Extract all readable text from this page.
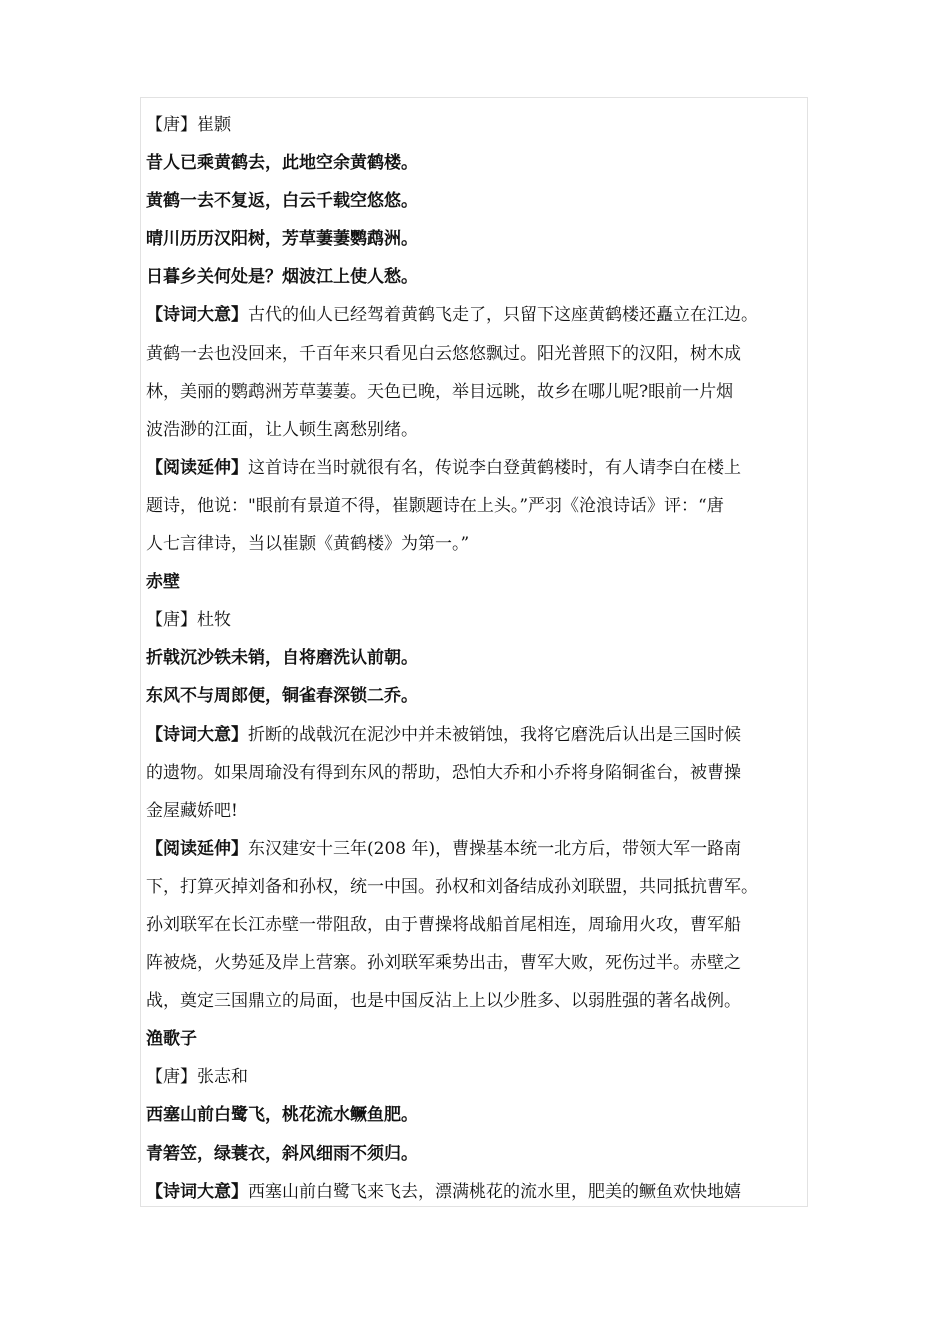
【唐】崔颢
昔人已乘黄鹤去，此地空余黄鹤楼。
黄鹤一去不复返，白云千载空悠悠。
晴川历历汉阳树，芳草萋萋鹦鹉洲。
日暮乡关何处是？烟波江上使人愁。
【诗词大意】古代的仙人已经驾着黄鹤飞走了，只留下这座黄鹤楼还矗立在江边。
黄鹤一去也没回来，千百年来只看见白云悠悠飘过。阳光普照下的汉阳，树木成
林，美丽的鹦鹉洲芳草萋萋。天色已晚，举目远眺，故乡在哪儿呢?眼前一片烟
波浩渺的江面，让人顿生离愁别绪。
【阅读延伸】这首诗在当时就很有名，传说李白登黄鹤楼时，有人请李白在楼上
题诗，他说："眼前有景道不得，崔颢题诗在上头。”严羽《沧浪诗话》评：“唐
人七言律诗，当以崔颢《黄鹤楼》为第一。”
赤壁
【唐】杜牧
折戟沉沙铁未销，自将磨洗认前朝。
东风不与周郎便，铜雀春深锁二乔。
【诗词大意】折断的战戟沉在泥沙中并未被销蚀，我将它磨洗后认出是三国时候
的遗物。如果周瑜没有得到东风的帮助，恐怕大乔和小乔将身陷铜雀台，被曹操
金屋藏娇吧!
【阅读延伸】东汉建安十三年(208 年)，曹操基本统一北方后，带领大军一路南
下，打算灭掉刘备和孙权，统一中国。孙权和刘备结成孙刘联盟，共同抵抗曹军。
孙刘联军在长江赤壁一带阻敌，由于曹操将战船首尾相连，周瑜用火攻，曹军船
阵被烧，火势延及岸上营寨。孙刘联军乘势出击，曹军大败，死伤过半。赤壁之
战，奠定三国鼎立的局面，也是中国反沾上上以少胜多、以弱胜强的著名战例。
渔歌子
【唐】张志和
西塞山前白鹭飞，桃花流水鳜鱼肥。
青箬笠，绿蓑衣，斜风细雨不须归。
【诗词大意】西塞山前白鹭飞来飞去，漂满桃花的流水里，肥美的鳜鱼欢快地嬉
